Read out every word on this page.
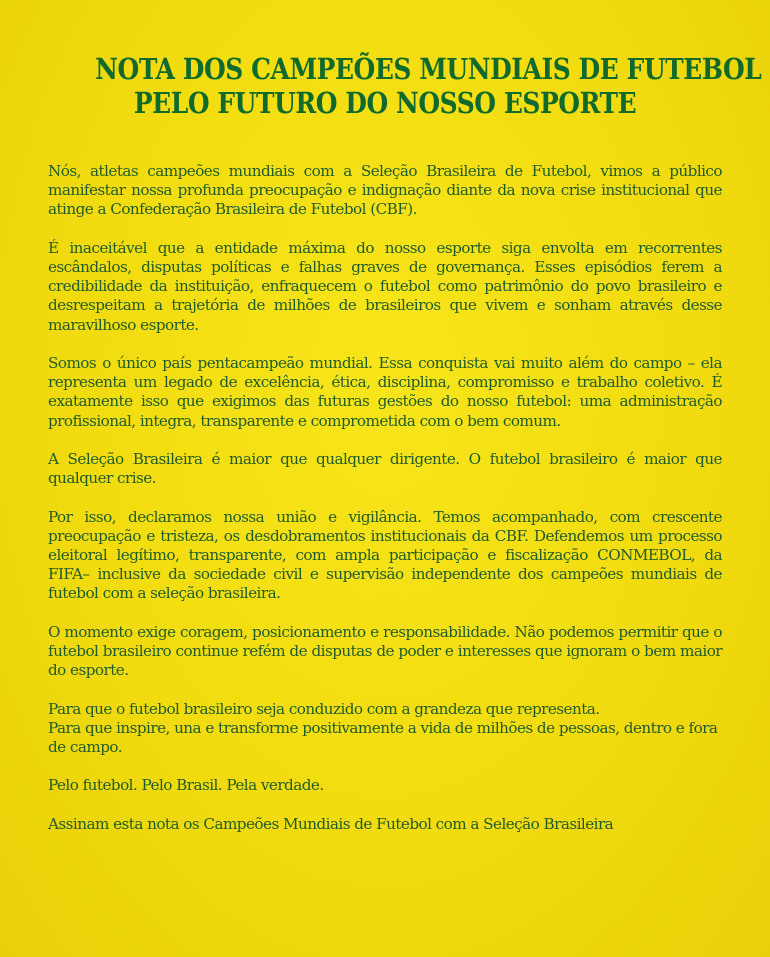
NOTA DOS CAMPEÕES MUNDIAIS DE FUTEBOL
PELO FUTURO DO NOSSO ESPORTE

Nós, atletas campeões mundiais com a Seleção Brasileira de Futebol, vimos a público manifestar nossa profunda preocupação e indignação diante da nova crise institucional que atinge a Confederação Brasileira de Futebol (CBF).

É inaceitável que a entidade máxima do nosso esporte siga envolta em recorrentes escândalos, disputas políticas e falhas graves de governança. Esses episódios ferem a credibilidade da instituição, enfraquecem o futebol como patrimônio do povo brasileiro e desrespeitam a trajetória de milhões de brasileiros que vivem e sonham através desse maravilhoso esporte.

Somos o único país pentacampeão mundial. Essa conquista vai muito além do campo – ela representa um legado de excelência, ética, disciplina, compromisso e trabalho coletivo. É exatamente isso que exigimos das futuras gestões do nosso futebol: uma administração profissional, integra, transparente e comprometida com o bem comum.

A Seleção Brasileira é maior que qualquer dirigente. O futebol brasileiro é maior que qualquer crise.

Por isso, declaramos nossa união e vigilância. Temos acompanhado, com crescente preocupação e tristeza, os desdobramentos institucionais da CBF. Defendemos um processo eleitoral legítimo, transparente, com ampla participação e fiscalização CONMEBOL, da FIFA– inclusive da sociedade civil e supervisão independente dos campeões mundiais de futebol com a seleção brasileira.

O momento exige coragem, posicionamento e responsabilidade. Não podemos permitir que o futebol brasileiro continue refém de disputas de poder e interesses que ignoram o bem maior do esporte.

Para que o futebol brasileiro seja conduzido com a grandeza que representa.
Para que inspire, una e transforme positivamente a vida de milhões de pessoas, dentro e fora de campo.

Pelo futebol. Pelo Brasil. Pela verdade.

Assinam esta nota os Campeões Mundiais de Futebol com a Seleção Brasileira
